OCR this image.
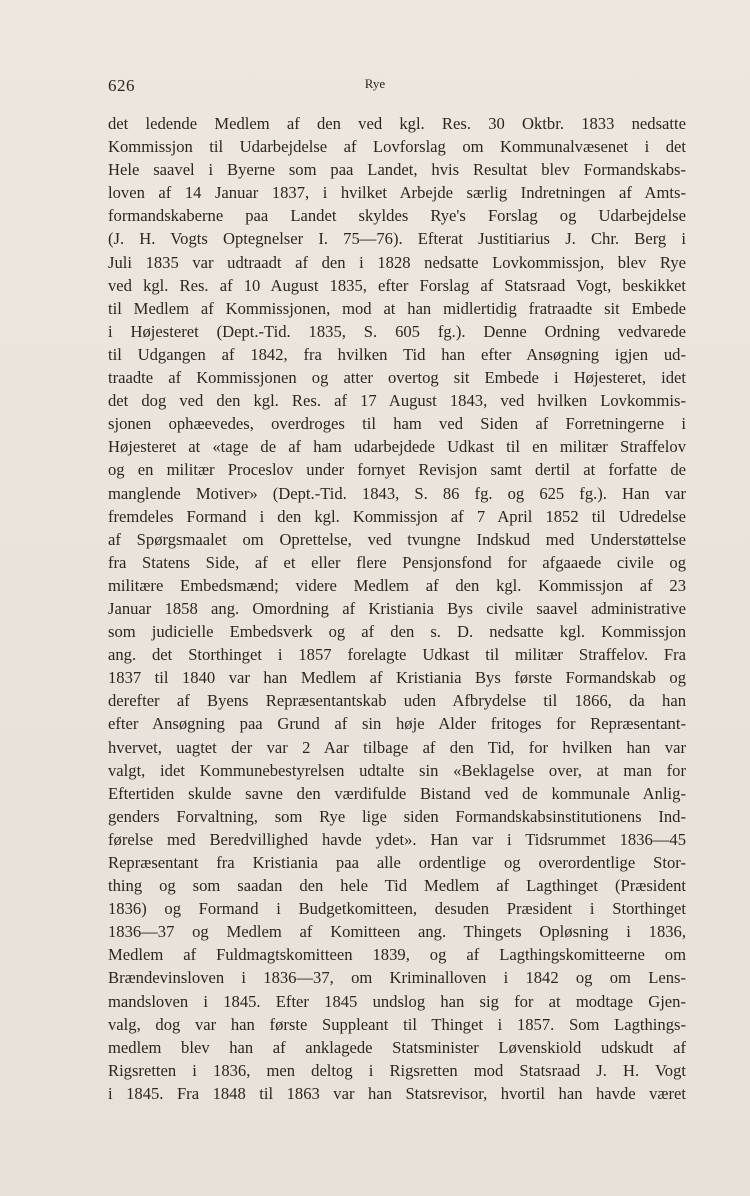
626	Rye
det ledende Medlem af den ved kgl. Res. 30 Oktbr. 1833 nedsatte
Kommissjon til Udarbejdelse af Lovforslag om Kommunalvæsenet i det
Hele saavel i Byerne som paa Landet, hvis Resultat blev Formandskabs-
loven af 14 Januar 1837, i hvilket Arbejde særlig Indretningen af Amts-
formandskaberne paa Landet skyldes Rye's Forslag og Udarbejdelse
(J. H. Vogts Optegnelser I. 75—76). Efterat Justitiarius J. Chr. Berg i
Juli 1835 var udtraadt af den i 1828 nedsatte Lovkommissjon, blev Rye
ved kgl. Res. af 10 August 1835, efter Forslag af Statsraad Vogt, beskikket
til Medlem af Kommissjonen, mod at han midlertidig fratraadte sit Embede
i Højesteret (Dept.-Tid. 1835, S. 605 fg.). Denne Ordning vedvarede
til Udgangen af 1842, fra hvilken Tid han efter Ansøgning igjen ud-
traadte af Kommissjonen og atter overtog sit Embede i Højesteret, idet
det dog ved den kgl. Res. af 17 August 1843, ved hvilken Lovkommis-
sjonen ophæevedes, overdroges til ham ved Siden af Forretningerne i
Højesteret at «tage de af ham udarbejdede Udkast til en militær Straffelov
og en militær Proceslov under fornyet Revisjon samt dertil at forfatte de
manglende Motiver» (Dept.-Tid. 1843, S. 86 fg. og 625 fg.). Han var
fremdeles Formand i den kgl. Kommissjon af 7 April 1852 til Udredelse
af Spørgsmaalet om Oprettelse, ved tvungne Indskud med Understøttelse
fra Statens Side, af et eller flere Pensjonsfond for afgaaede civile og
militære Embedsmænd; videre Medlem af den kgl. Kommissjon af 23
Januar 1858 ang. Omordning af Kristiania Bys civile saavel administrative
som judicielle Embedsverk og af den s. D. nedsatte kgl. Kommissjon
ang. det Storthinget i 1857 forelagte Udkast til militær Straffelov. Fra
1837 til 1840 var han Medlem af Kristiania Bys første Formandskab og
derefter af Byens Repræsentantskab uden Afbrydelse til 1866, da han
efter Ansøgning paa Grund af sin høje Alder fritoges for Repræsentant-
hvervet, uagtet der var 2 Aar tilbage af den Tid, for hvilken han var
valgt, idet Kommunebestyrelsen udtalte sin «Beklagelse over, at man for
Eftertiden skulde savne den værdifulde Bistand ved de kommunale Anlig-
genders Forvaltning, som Rye lige siden Formandskabsinstitutionens Ind-
førelse med Beredvillighed havde ydet». Han var i Tidsrummet 1836—45
Repræsentant fra Kristiania paa alle ordentlige og overordentlige Stor-
thing og som saadan den hele Tid Medlem af Lagthinget (Præsident
1836) og Formand i Budgetkomitteen, desuden Præsident i Storthinget
1836—37 og Medlem af Komitteen ang. Thingets Opløsning i 1836,
Medlem af Fuldmagtskomitteen 1839, og af Lagthingskomitteerne om
Brændevinsloven i 1836—37, om Kriminalloven i 1842 og om Lens-
mandsloven i 1845. Efter 1845 undslog han sig for at modtage Gjen-
valg, dog var han første Suppleant til Thinget i 1857. Som Lagthings-
medlem blev han af anklagede Statsminister Løvenskiold udskudt af
Rigsretten i 1836, men deltog i Rigsretten mod Statsraad J. H. Vogt
i 1845. Fra 1848 til 1863 var han Statsrevisor, hvortil han havde været
